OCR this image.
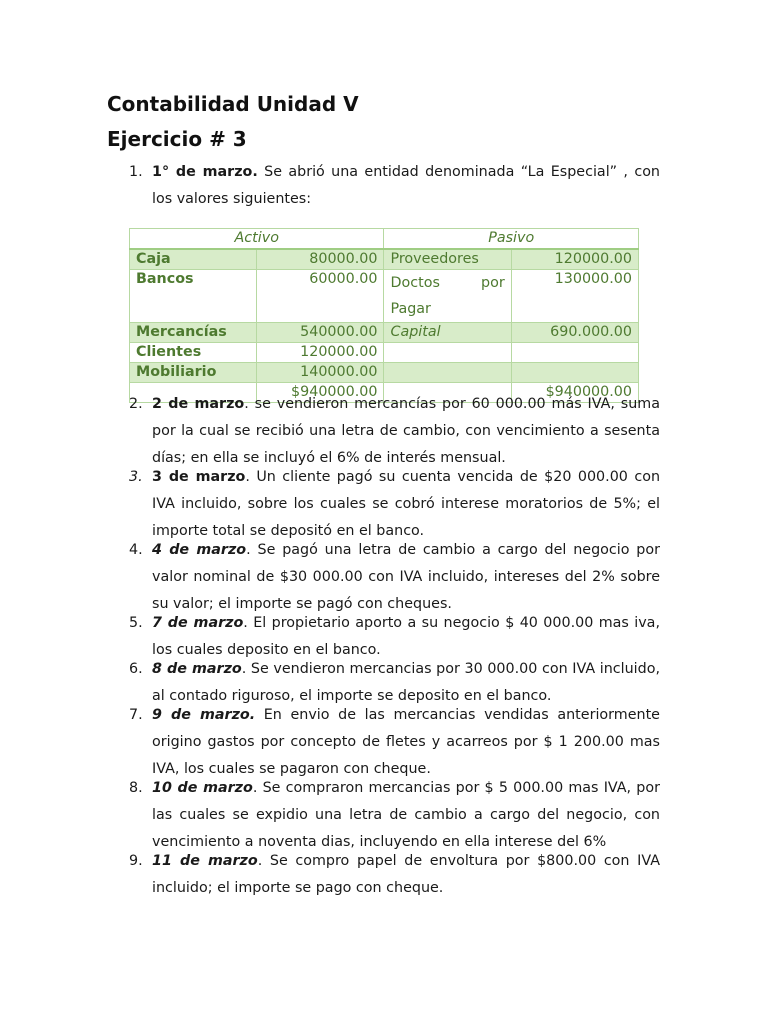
Contabilidad Unidad V
Ejercicio # 3
1. 1° de marzo. Se abrió una entidad denominada “La Especial” , con los valores siguientes:
Activo		Pasivo	
Caja	80000.00	Proveedores	120000.00
Bancos	60000.00	Doctos por Pagar	130000.00
Mercancías	540000.00	Capital	690.000.00
Clientes	120000.00		
Mobiliario	140000.00		
	$940000.00		$940000.00
2. 2 de marzo. se vendieron mercancías por 60 000.00 más IVA, suma por la cual se recibió una letra de cambio, con vencimiento a sesenta días; en ella se incluyó el 6% de interés mensual.
3. 3 de marzo. Un cliente pagó su cuenta vencida de $20 000.00 con IVA incluido, sobre los cuales se cobró interese moratorios de 5%; el importe total se depositó en el banco.
4. 4 de marzo. Se pagó una letra de cambio a cargo del negocio por valor nominal de $30 000.00 con IVA incluido, intereses del 2% sobre su valor; el importe se pagó con cheques.
5. 7 de marzo. El propietario aporto a su negocio $ 40 000.00 mas iva, los cuales deposito en el banco.
6. 8 de marzo. Se vendieron mercancias por 30 000.00 con IVA incluido, al contado riguroso, el importe se deposito en el banco.
7. 9 de marzo. En envio de las mercancias vendidas anteriormente origino gastos por concepto de fletes y acarreos por $ 1 200.00 mas IVA, los cuales se pagaron con cheque.
8. 10 de marzo. Se compraron mercancias por $ 5 000.00 mas IVA, por las cuales se expidio una letra de cambio a cargo del negocio, con vencimiento a noventa dias, incluyendo en ella interese del 6%
9. 11 de marzo. Se compro papel de envoltura por $800.00 con IVA incluido; el importe se pago con cheque.
